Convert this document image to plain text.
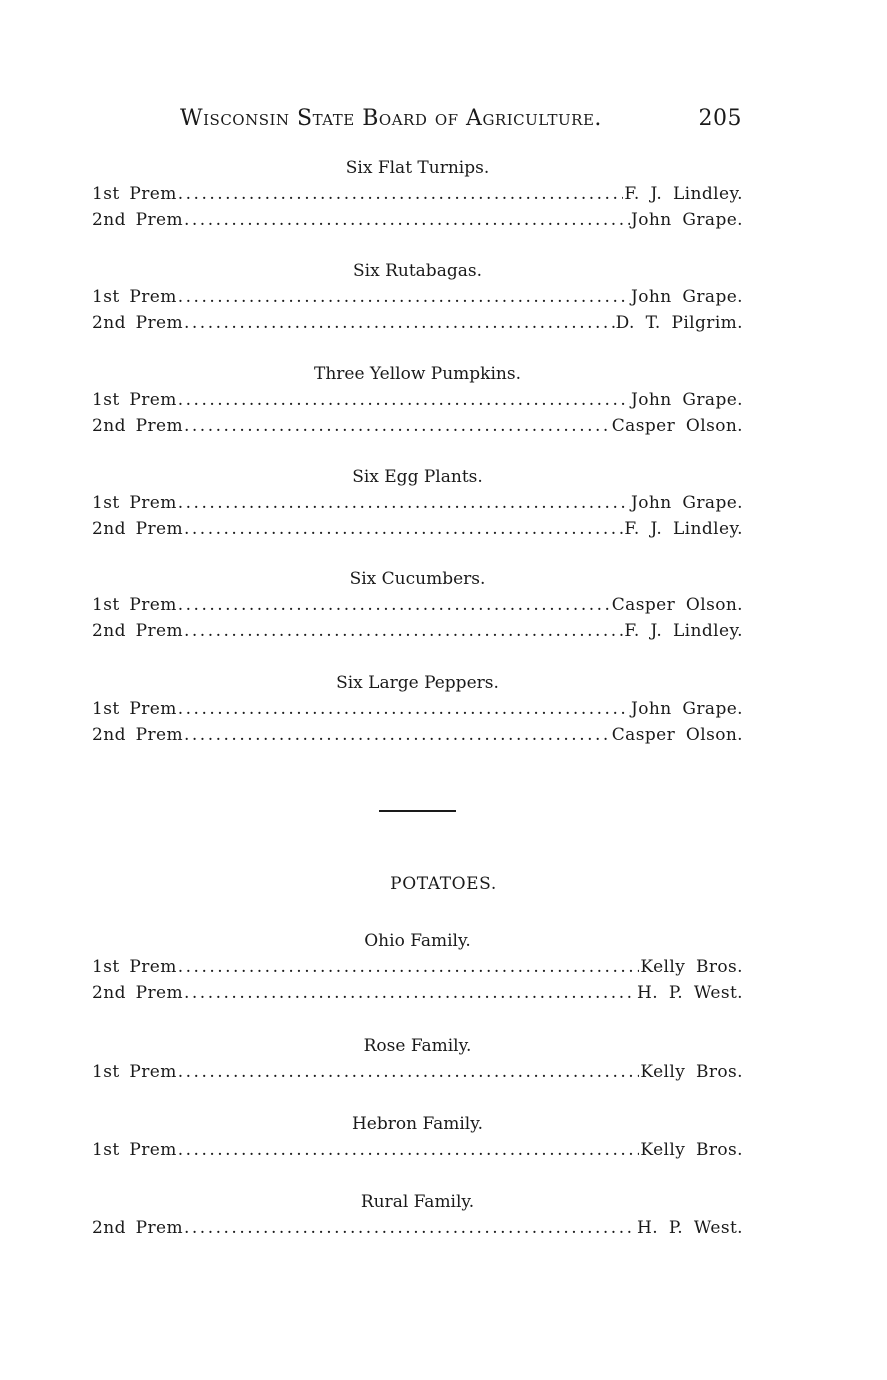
Wisconsin State Board of Agriculture.	205
Six Flat Turnips.
1st Prem .....	F. J. Lindley.
2nd Prem .....	John Grape.
Six Rutabagas.
1st Prem .....	John Grape.
2nd Prem .....	D. T. Pilgrim.
Three Yellow Pumpkins.
1st Prem .....	John Grape.
2nd Prem .....	Casper Olson.
Six Egg Plants.
1st Prem .....	John Grape.
2nd Prem .....	F. J. Lindley.
Six Cucumbers.
1st Prem .....	Casper Olson.
2nd Prem .....	F. J. Lindley.
Six Large Peppers.
1st Prem .....	John Grape.
2nd Prem .....	Casper Olson.
POTATOES.
Ohio Family.
1st Prem .....	Kelly Bros.
2nd Prem .....	H. P. West.
Rose Family.
1st Prem .....	Kelly Bros.
Hebron Family.
1st Prem .....	Kelly Bros.
Rural Family.
2nd Prem .....	H. P. West.
